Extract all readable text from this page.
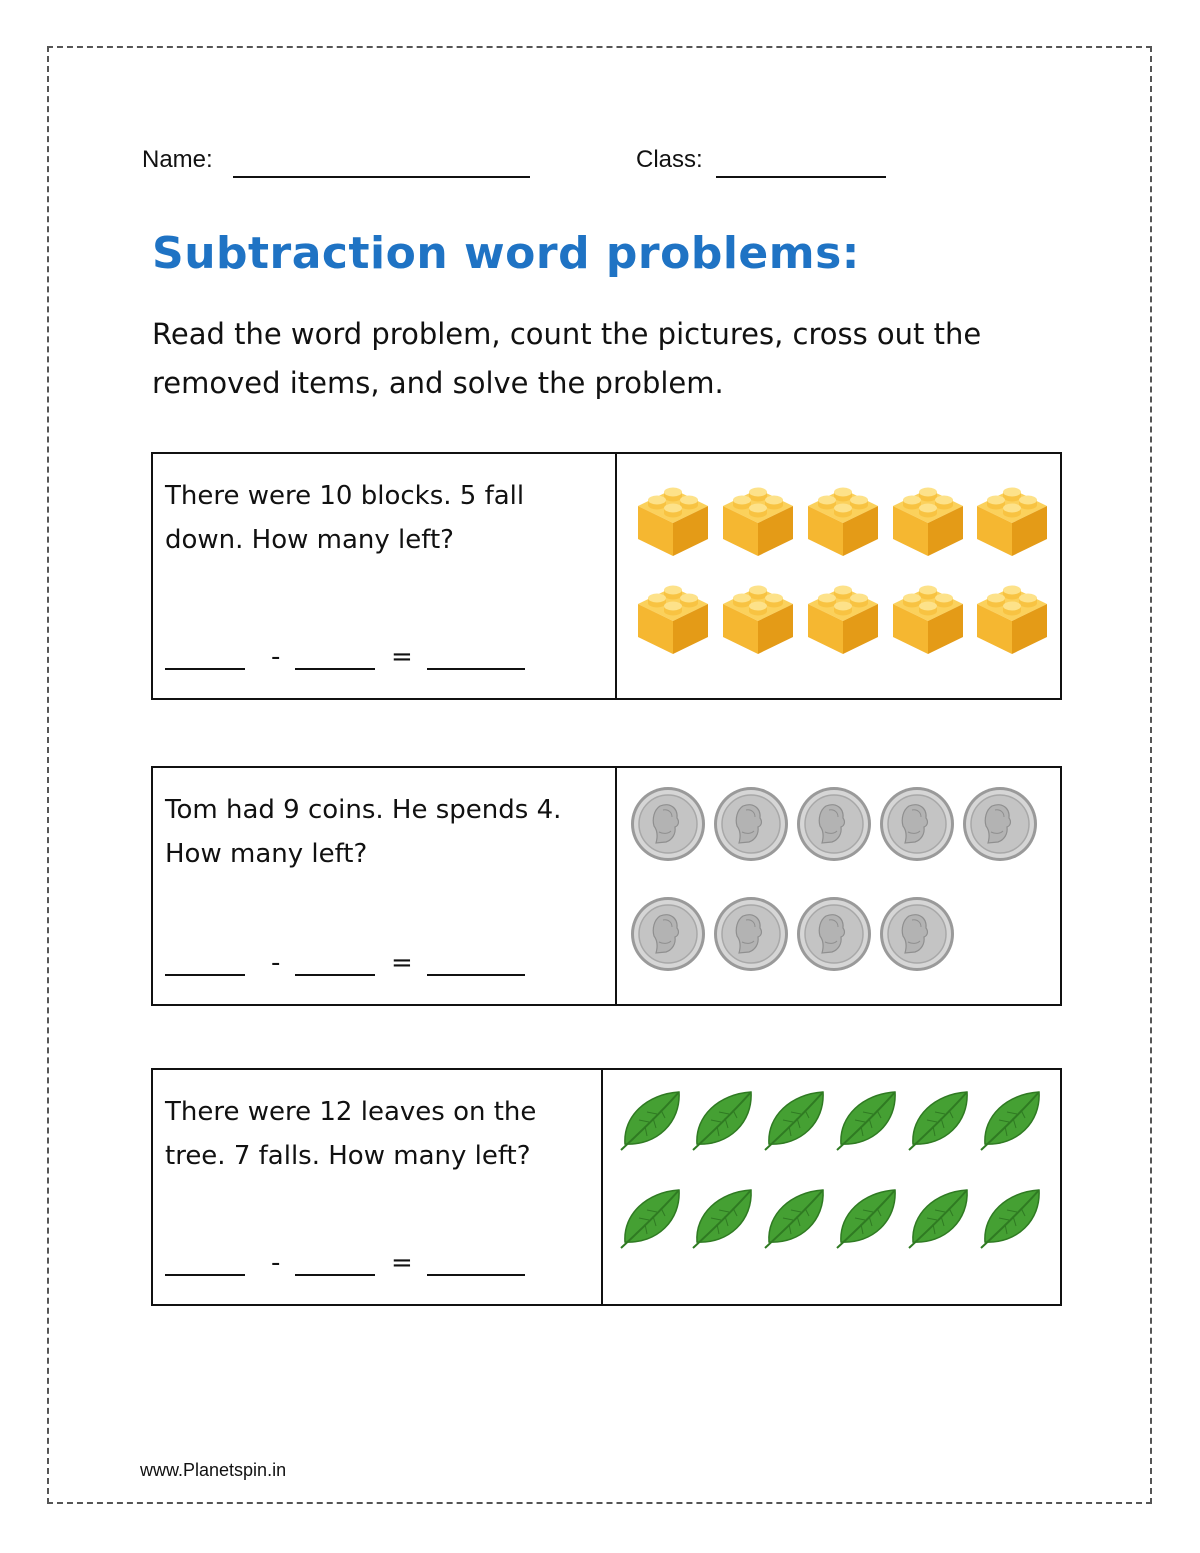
Name:	Class:
Subtraction word problems:

Read the word problem, count the pictures, cross out the removed items, and solve the problem.

There were 10 blocks. 5 fall down. How many left?

-	=

Tom had 9 coins. He spends 4. How many left?

-	=

There were 12 leaves on the tree. 7 falls. How many left?

-	=
www.Planetspin.in
